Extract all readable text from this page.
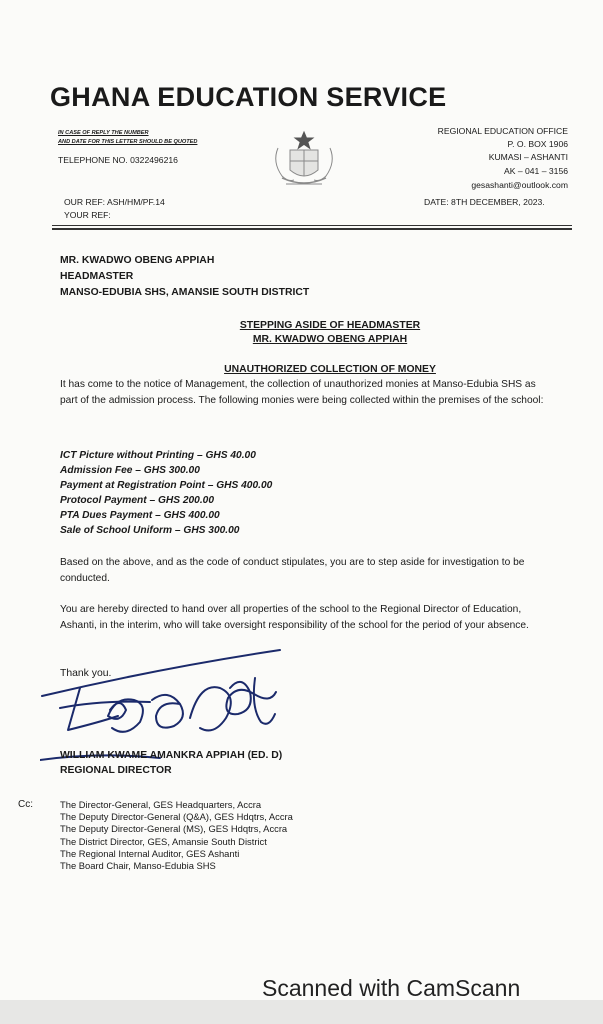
GHANA EDUCATION SERVICE
IN CASE OF REPLY THE NUMBER
AND DATE FOR THIS LETTER SHOULD BE QUOTED
TELEPHONE NO. 0322496216
REGIONAL EDUCATION OFFICE
P. O. BOX 1906
KUMASI – ASHANTI
AK – 041 – 3156
gesashanti@outlook.com
OUR REF: ASH/HM/PF.14
YOUR REF:
DATE: 8TH DECEMBER, 2023.
MR. KWADWO OBENG APPIAH
HEADMASTER
MANSO-EDUBIA SHS, AMANSIE SOUTH DISTRICT
STEPPING ASIDE OF HEADMASTER
MR. KWADWO OBENG APPIAH
UNAUTHORIZED COLLECTION OF MONEY
It has come to the notice of Management, the collection of unauthorized monies at Manso-Edubia SHS as part of the admission process. The following monies were being collected within the premises of the school:
ICT Picture without Printing – GHS 40.00
Admission Fee – GHS 300.00
Payment at Registration Point – GHS 400.00
Protocol Payment – GHS 200.00
PTA Dues Payment – GHS 400.00
Sale of School Uniform – GHS 300.00
Based on the above, and as the code of conduct stipulates, you are to step aside for investigation to be conducted.
You are hereby directed to hand over all properties of the school to the Regional Director of Education, Ashanti, in the interim, who will take oversight responsibility of the school for the period of your absence.
Thank you.
WILLIAM KWAME AMANKRA APPIAH (ED. D)
REGIONAL DIRECTOR
Cc:	The Director-General, GES Headquarters, Accra
The Deputy Director-General (Q&A), GES Hdqtrs, Accra
The Deputy Director-General (MS), GES Hdqtrs, Accra
The District Director, GES, Amansie South District
The Regional Internal Auditor, GES Ashanti
The Board Chair, Manso-Edubia SHS
Scanned with CamScann
